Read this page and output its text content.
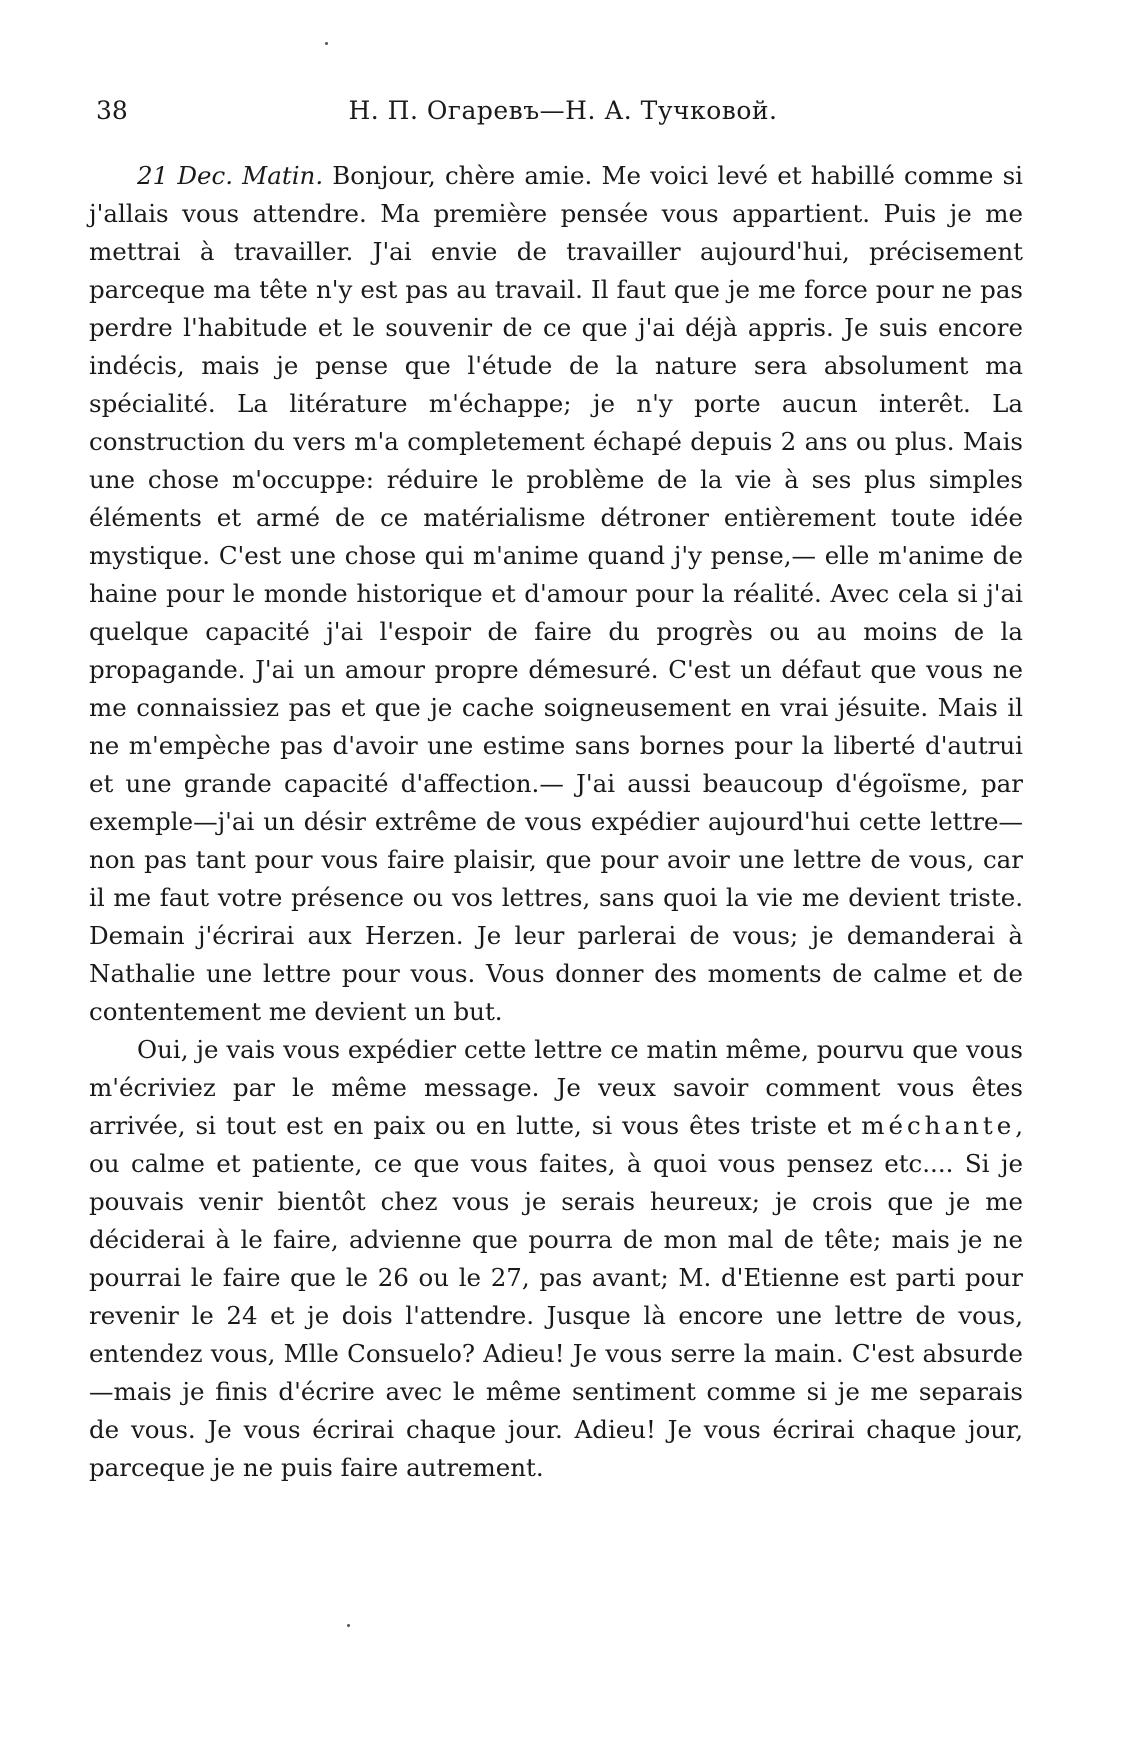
38	Н. П. Огаревъ—Н. А. Тучковой.

21 Dec. Matin. Bonjour, chère amie. Me voici levé et habillé comme si j'allais vous attendre. Ma première pensée vous appartient. Puis je me mettrai à travailler. J'ai envie de travailler aujourd'hui, précisement parceque ma tête n'y est pas au travail. Il faut que je me force pour ne pas perdre l'habitude et le souvenir de ce que j'ai déjà appris. Je suis encore indécis, mais je pense que l'étude de la nature sera absolument ma spécialité. La litérature m'échappe; je n'y porte aucun interêt. La construction du vers m'a completement échapé depuis 2 ans ou plus. Mais une chose m'occuppe: réduire le problème de la vie à ses plus simples éléments et armé de ce matérialisme détroner entièrement toute idée mystique. C'est une chose qui m'anime quand j'y pense,— elle m'anime de haine pour le monde historique et d'amour pour la réalité. Avec cela si j'ai quelque capacité j'ai l'espoir de faire du progrès ou au moins de la propagande. J'ai un amour propre démesuré. C'est un défaut que vous ne me connaissiez pas et que je cache soigneusement en vrai jésuite. Mais il ne m'empèche pas d'avoir une estime sans bornes pour la liberté d'autrui et une grande capacité d'affection.— J'ai aussi beaucoup d'égoïsme, par exemple—j'ai un désir extrême de vous expédier aujourd'hui cette lettre—non pas tant pour vous faire plaisir, que pour avoir une lettre de vous, car il me faut votre présence ou vos lettres, sans quoi la vie me devient triste. Demain j'écrirai aux Herzen. Je leur parlerai de vous; je demanderai à Nathalie une lettre pour vous. Vous donner des moments de calme et de contentement me devient un but.

Oui, je vais vous expédier cette lettre ce matin même, pourvu que vous m'écriviez par le même message. Je veux savoir comment vous êtes arrivée, si tout est en paix ou en lutte, si vous êtes triste et méchante, ou calme et patiente, ce que vous faites, à quoi vous pensez etc.... Si je pouvais venir bientôt chez vous je serais heureux; je crois que je me déciderai à le faire, advienne que pourra de mon mal de tête; mais je ne pourrai le faire que le 26 ou le 27, pas avant; M. d'Etienne est parti pour revenir le 24 et je dois l'attendre. Jusque là encore une lettre de vous, entendez vous, Mlle Consuelo? Adieu! Je vous serre la main. C'est absurde—mais je finis d'écrire avec le même sentiment comme si je me separais de vous. Je vous écrirai chaque jour. Adieu! Je vous écrirai chaque jour, parceque je ne puis faire autrement.
